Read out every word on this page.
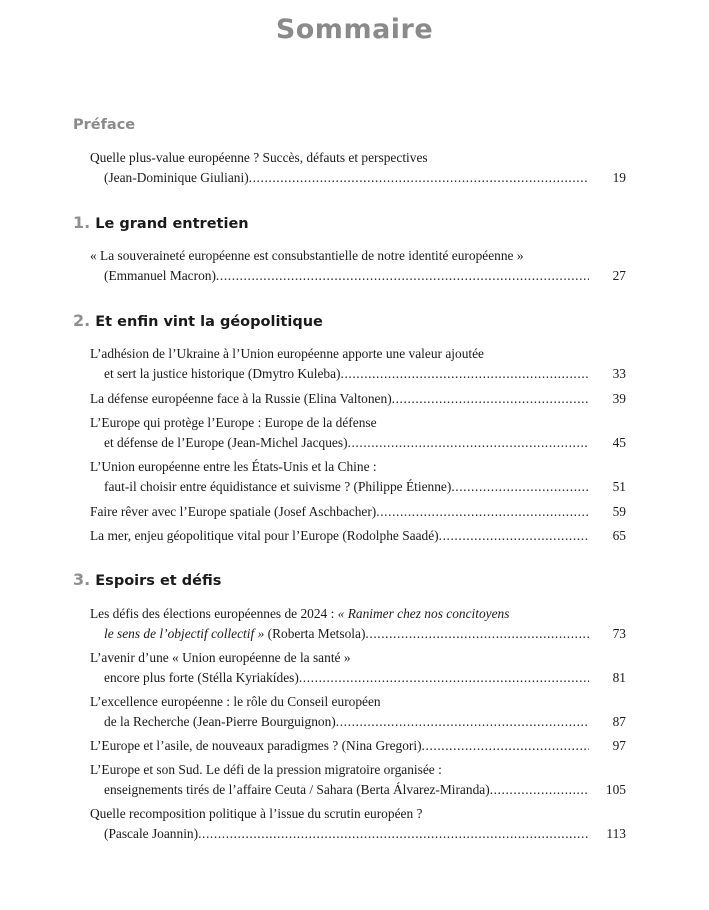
Sommaire
Préface
Quelle plus-value européenne ? Succès, défauts et perspectives
(Jean-Dominique Giuliani) .....	19
1. Le grand entretien
« La souveraineté européenne est consubstantielle de notre identité européenne »
(Emmanuel Macron) .....	27
2. Et enfin vint la géopolitique
L’adhésion de l’Ukraine à l’Union européenne apporte une valeur ajoutée
et sert la justice historique (Dmytro Kuleba) .....	33
La défense européenne face à la Russie (Elina Valtonen) .....	39
L’Europe qui protège l’Europe : Europe de la défense
et défense de l’Europe (Jean-Michel Jacques) .....	45
L’Union européenne entre les États-Unis et la Chine :
faut-il choisir entre équidistance et suivisme ? (Philippe Étienne) .....	51
Faire rêver avec l’Europe spatiale (Josef Aschbacher) .....	59
La mer, enjeu géopolitique vital pour l’Europe (Rodolphe Saadé) .....	65
3. Espoirs et défis
Les défis des élections européennes de 2024 : « Ranimer chez nos concitoyens
le sens de l’objectif collectif » (Roberta Metsola) .....	73
L’avenir d’une « Union européenne de la santé »
encore plus forte (Stélla Kyriakídes) .....	81
L’excellence européenne : le rôle du Conseil européen
de la Recherche (Jean-Pierre Bourguignon) .....	87
L’Europe et l’asile, de nouveaux paradigmes ? (Nina Gregori) .....	97
L’Europe et son Sud. Le défi de la pression migratoire organisée :
enseignements tirés de l’affaire Ceuta / Sahara (Berta Álvarez-Miranda) .....	105
Quelle recomposition politique à l’issue du scrutin européen ?
(Pascale Joannin) .....	113
